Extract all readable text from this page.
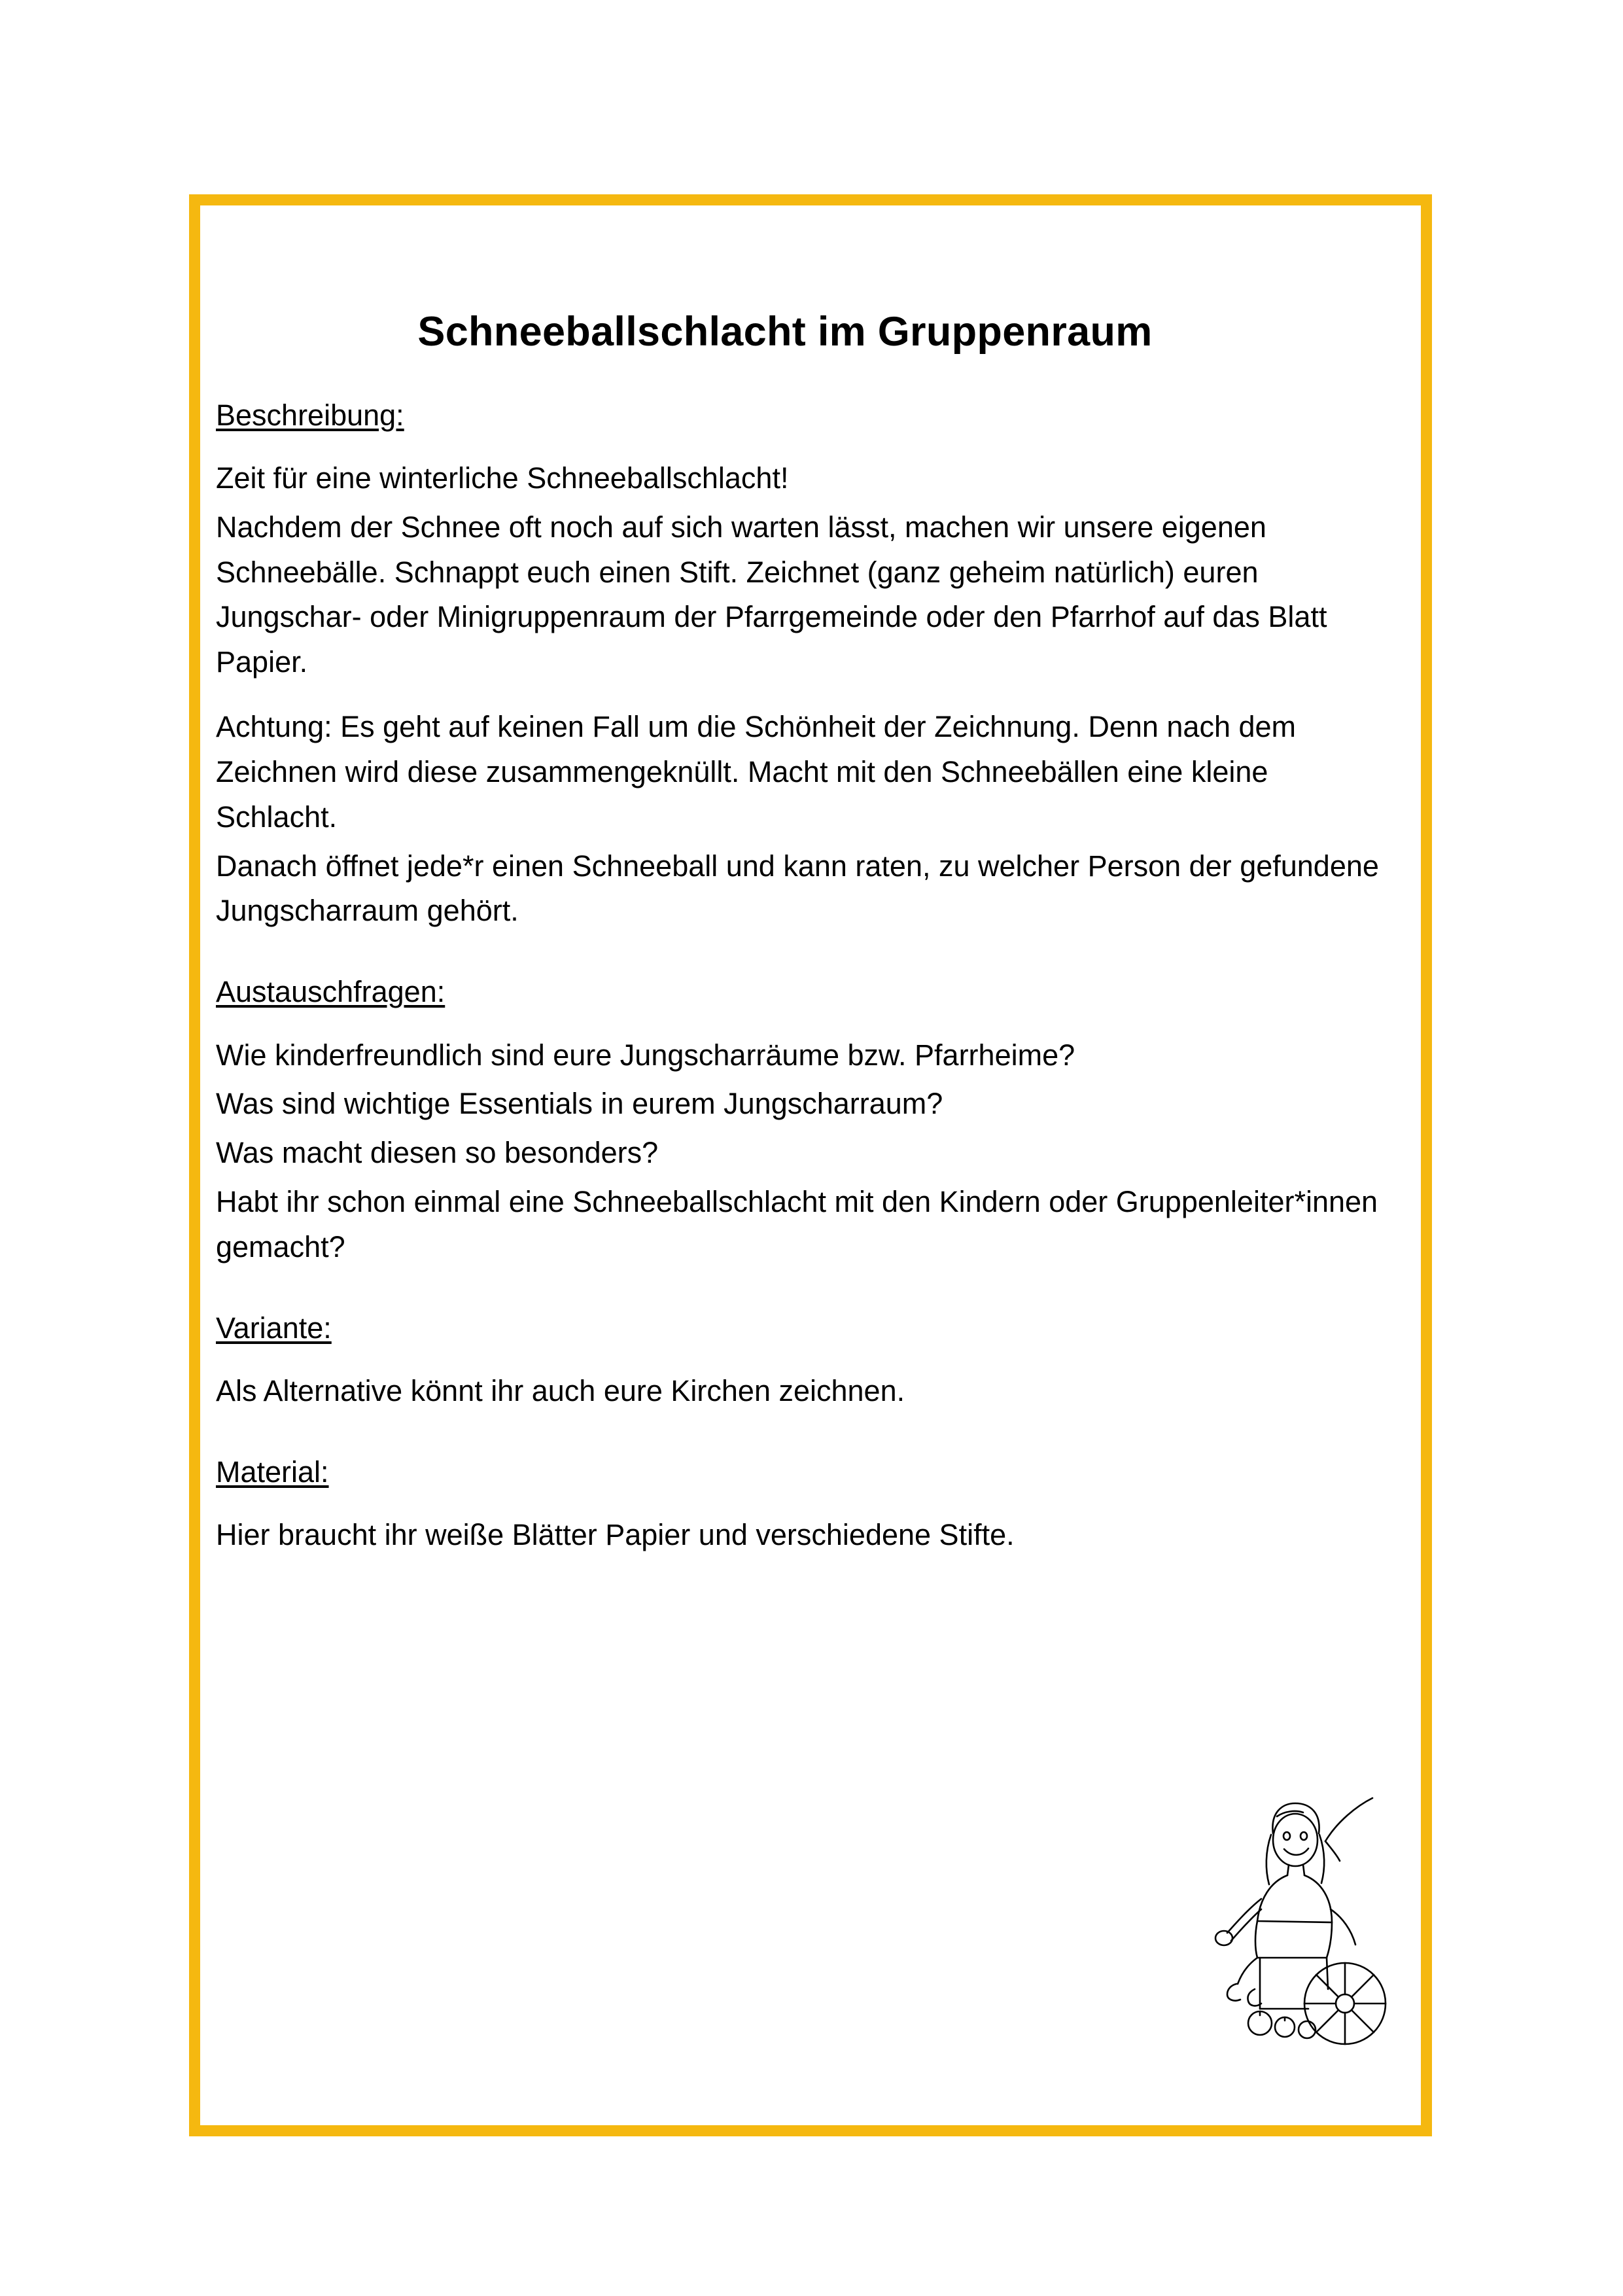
Schneeballschlacht im Gruppenraum
Beschreibung:

Zeit für eine winterliche Schneeballschlacht!

Nachdem der Schnee oft noch auf sich warten lässt, machen wir unsere eigenen Schneebälle. Schnappt euch einen Stift. Zeichnet (ganz geheim natürlich) euren Jungschar- oder Minigruppenraum der Pfarrgemeinde oder den Pfarrhof auf das Blatt Papier.

Achtung: Es geht auf keinen Fall um die Schönheit der Zeichnung. Denn nach dem Zeichnen wird diese zusammengeknüllt. Macht mit den Schneebällen eine kleine Schlacht.

Danach öffnet jede*r einen Schneeball und kann raten, zu welcher Person der gefundene Jungscharraum gehört.

Austauschfragen:

Wie kinderfreundlich sind eure Jungscharräume bzw. Pfarrheime?

Was sind wichtige Essentials in eurem Jungscharraum?

Was macht diesen so besonders?

Habt ihr schon einmal eine Schneeballschlacht mit den Kindern oder Gruppenleiter*innen gemacht?

Variante:

Als Alternative könnt ihr auch eure Kirchen zeichnen.

Material:

Hier braucht ihr weiße Blätter Papier und verschiedene Stifte.
